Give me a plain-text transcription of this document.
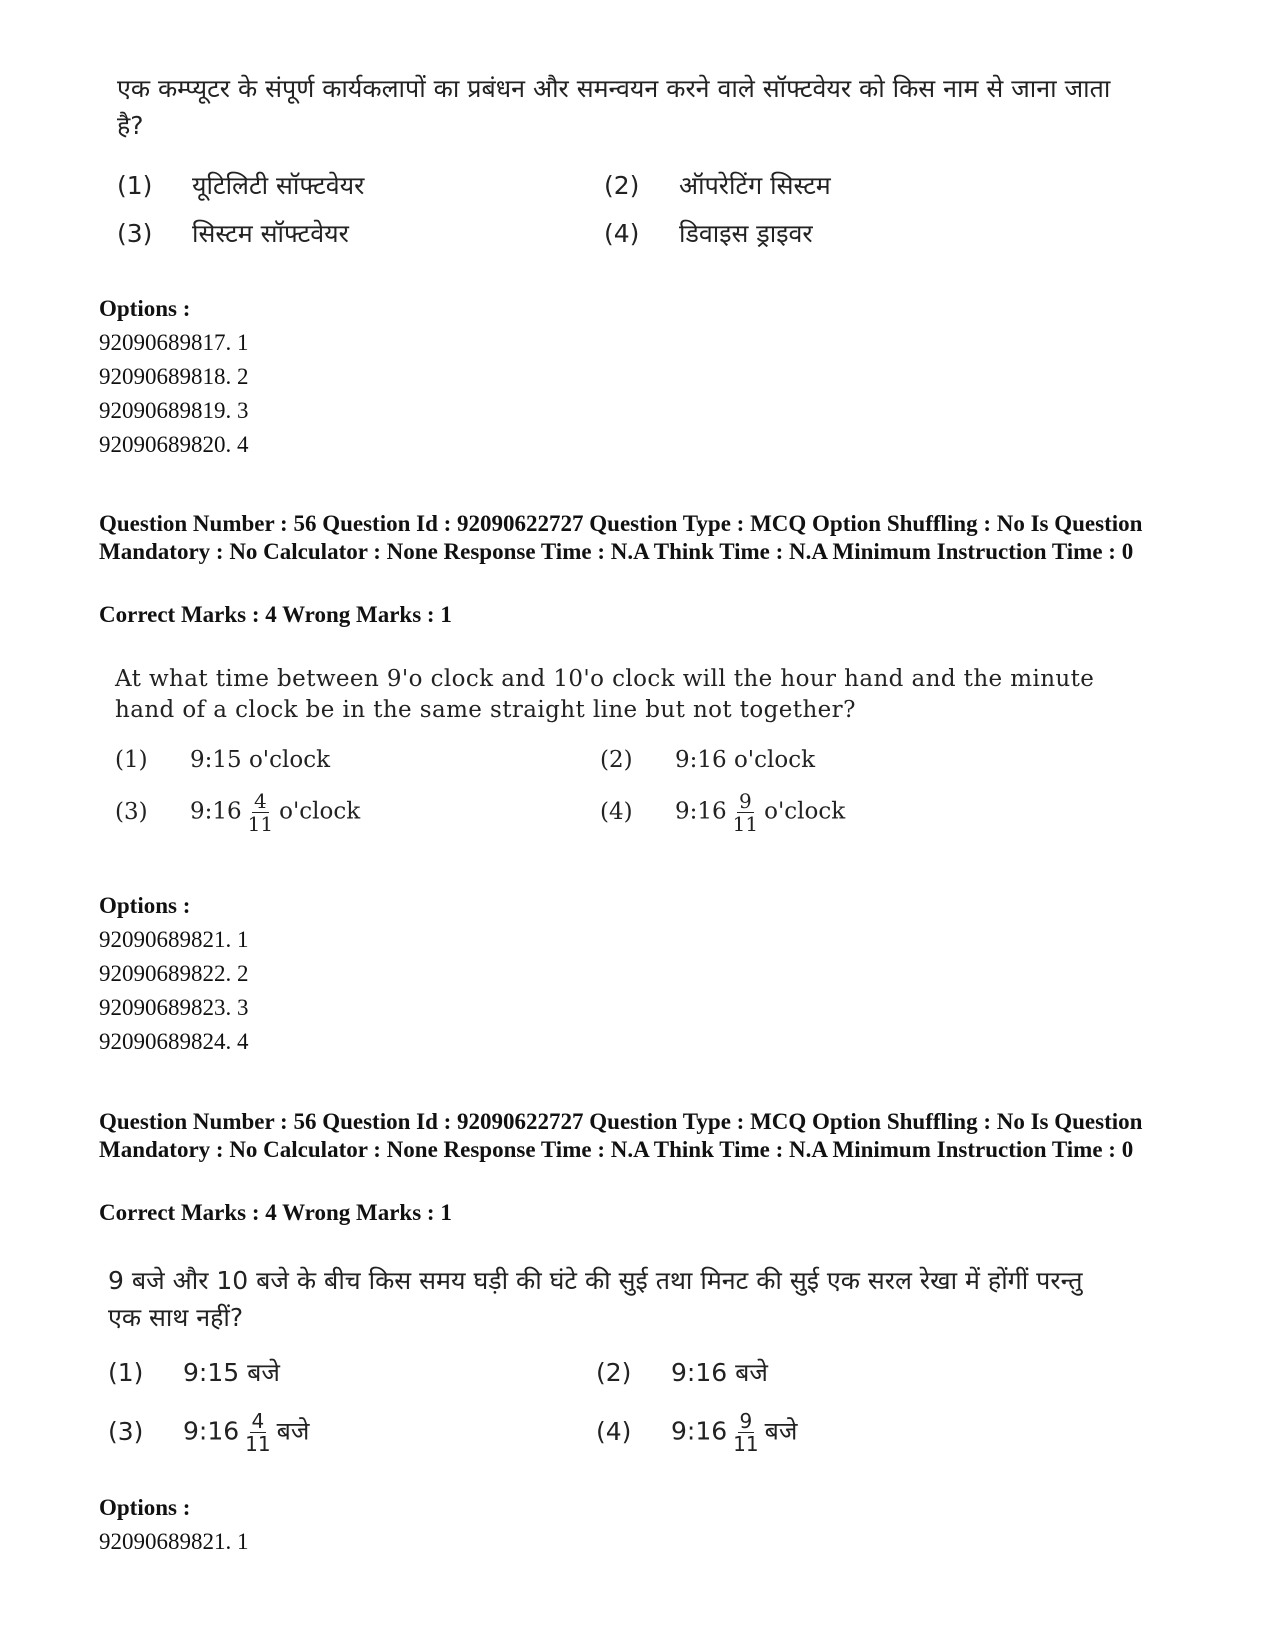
एक कम्प्यूटर के संपूर्ण कार्यकलापों का प्रबंधन और समन्वयन करने वाले सॉफ्टवेयर को किस नाम से जाना जाता है?
(1) यूटिलिटी सॉफ्टवेयर	(2) ऑपरेटिंग सिस्टम
(3) सिस्टम सॉफ्टवेयर	(4) डिवाइस ड्राइवर
Options :
92090689817. 1
92090689818. 2
92090689819. 3
92090689820. 4
Question Number : 56 Question Id : 92090622727 Question Type : MCQ Option Shuffling : No Is Question Mandatory : No Calculator : None Response Time : N.A Think Time : N.A Minimum Instruction Time : 0
Correct Marks : 4 Wrong Marks : 1
At what time between 9'o clock and 10'o clock will the hour hand and the minute hand of a clock be in the same straight line but not together?
(1) 9:15 o'clock	(2) 9:16 o'clock
(3) 9:16 $\frac{4}{11}$ o'clock	(4) 9:16 $\frac{9}{11}$ o'clock
Options :
92090689821. 1
92090689822. 2
92090689823. 3
92090689824. 4
Question Number : 56 Question Id : 92090622727 Question Type : MCQ Option Shuffling : No Is Question Mandatory : No Calculator : None Response Time : N.A Think Time : N.A Minimum Instruction Time : 0
Correct Marks : 4 Wrong Marks : 1
9 बजे और 10 बजे के बीच किस समय घड़ी की घंटे की सुई तथा मिनट की सुई एक सरल रेखा में होंगीं परन्तु एक साथ नहीं?
(1) 9:15 बजे	(2) 9:16 बजे
(3) 9:16 $\frac{4}{11}$ बजे	(4) 9:16 $\frac{9}{11}$ बजे
Options :
92090689821. 1
